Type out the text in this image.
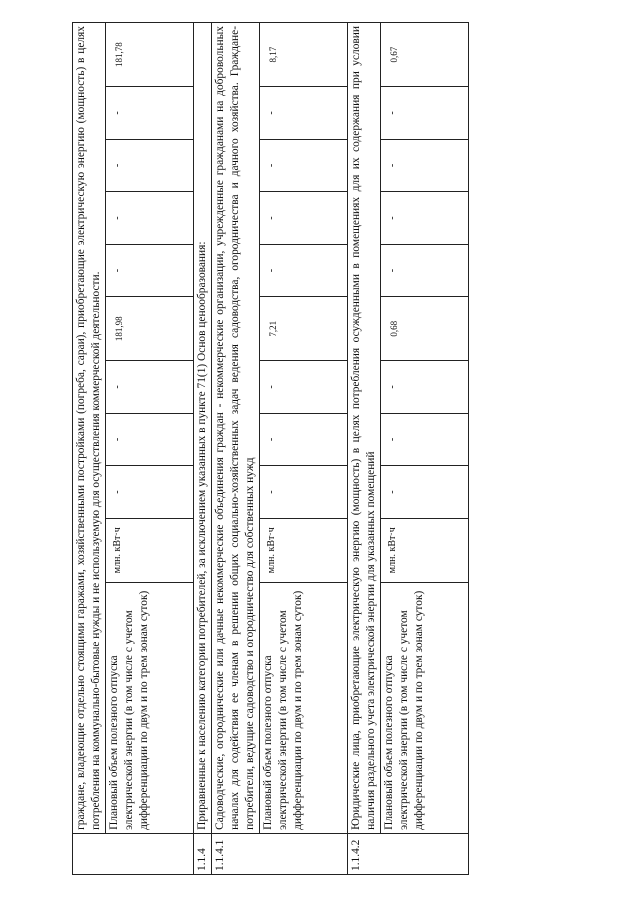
	граждане, владеющие отдельно стоящими гаражами, хозяйственными постройками (погреба, сараи), приобретающие электрическую энергию (мощность) в целях потребления на коммунально-бытовые нужды и не используемую для осуществления коммерческой деятельности.										
	Плановый объем полезного отпуска электрической энергии (в том числе с учетом дифференциации по двум и по трем зонам суток)	млн. кВт·ч	-	-	-	181,98	-	-	-	-	181,78
1.1.4	Приравненные к населению категории потребителей, за исключением указанных в пункте 71(1) Основ ценообразования:										
1.1.4.1	Садоводческие, огороднические или дачные некоммерческие объединения граждан - некоммерческие организации, учрежденные гражданами на добровольных началах для содействия ее членам в решении общих социально-хозяйственных задач ведения садоводства, огородничества и дачного хозяйства. Граждане-потребители, ведущие садоводство и огородничество для собственных нужд										
	Плановый объем полезного отпуска электрической энергии (в том числе с учетом дифференциации по двум и по трем зонам суток)	млн. кВт·ч	-	-	-	7,21	-	-	-	-	8,17
1.1.4.2	Юридические лица, приобретающие электрическую энергию (мощность) в целях потребления осужденными в помещениях для их содержания при условии наличия раздельного учета электрической энергии для указанных помещений										
	Плановый объем полезного отпуска электрической энергии (в том числе с учетом дифференциации по двум и по трем зонам суток)	млн. кВт·ч	-	-	-	0,68	-	-	-	-	0,67
